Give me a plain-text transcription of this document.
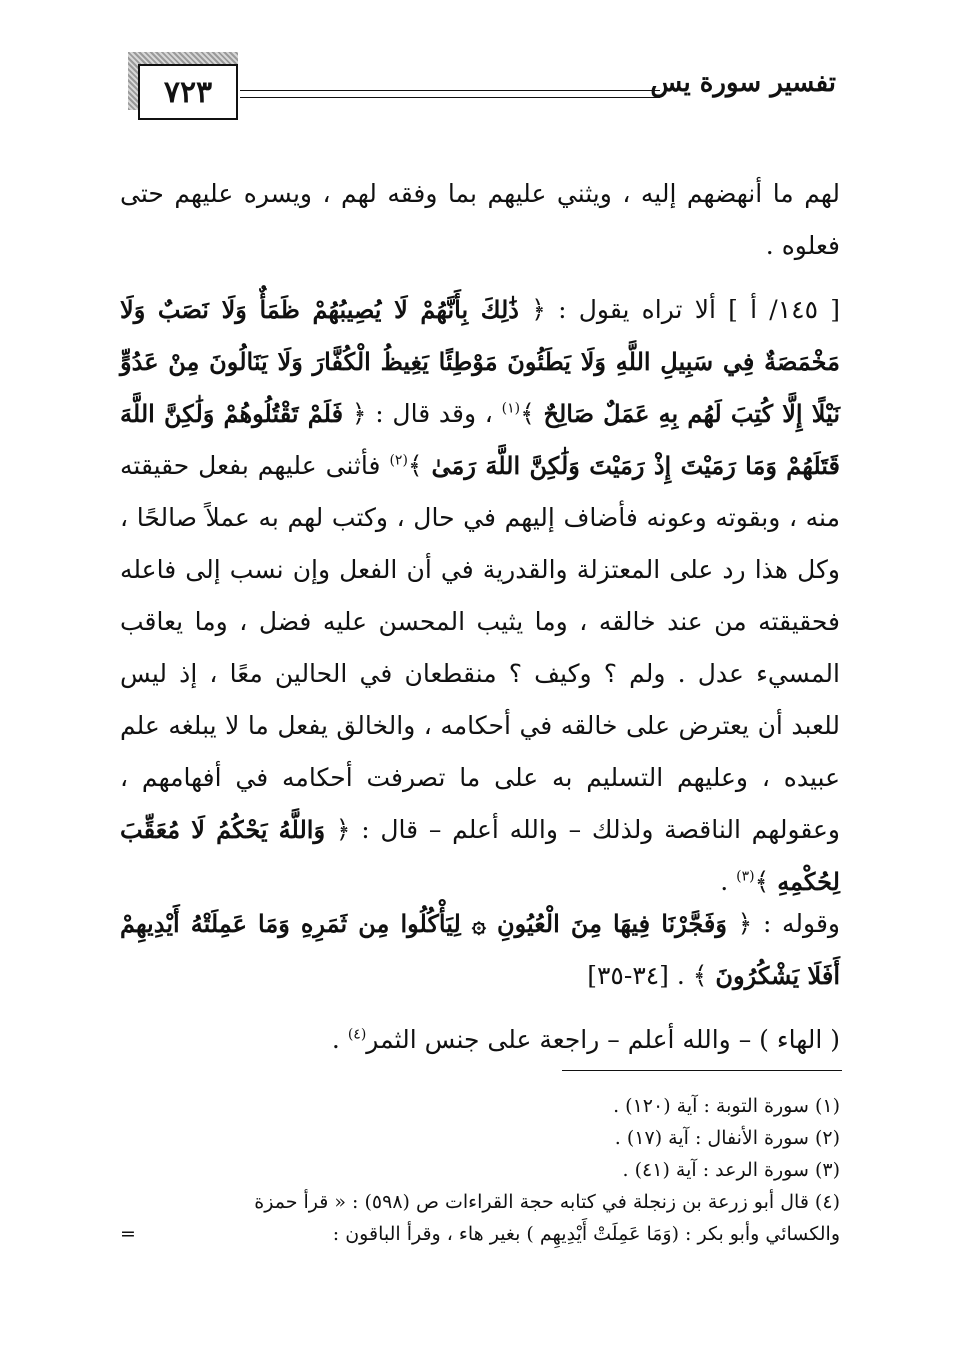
٧٢٣	تفسير سورة يس

لهم ما أنهضهم إليه ، ويثني عليهم بما وفقه لهم ، ويسره عليهم حتى فعلوه .

[ ١٤٥/ أ ] ألا تراه يقول : ﴿ ذَٰلِكَ بِأَنَّهُمْ لَا يُصِيبُهُمْ ظَمَأٌ وَلَا نَصَبٌ وَلَا مَخْمَصَةٌ فِي سَبِيلِ اللَّهِ وَلَا يَطَئُونَ مَوْطِئًا يَغِيظُ الْكُفَّارَ وَلَا يَنَالُونَ مِنْ عَدُوٍّ نَيْلًا إِلَّا كُتِبَ لَهُم بِهِ عَمَلٌ صَالِحٌ ﴾$^{(١)}$ ، وقد قال : ﴿ فَلَمْ تَقْتُلُوهُمْ وَلَٰكِنَّ اللَّهَ قَتَلَهُمْ وَمَا رَمَيْتَ إِذْ رَمَيْتَ وَلَٰكِنَّ اللَّهَ رَمَىٰ ﴾$^{(٢)}$ فأثنى عليهم بفعل حقيقته منه ، وبقوته وعونه فأضاف إليهم في حال ، وكتب لهم به عملاً صالحًا ، وكل هذا رد على المعتزلة والقدرية في أن الفعل وإن نسب إلى فاعله فحقيقته من عند خالقه ، وما يثيب المحسن عليه فضل ، وما يعاقب المسيء عدل . ولم ؟ وكيف ؟ منقطعان في الحالين معًا ، إذ ليس للعبد أن يعترض على خالقه في أحكامه ، والخالق يفعل ما لا يبلغه علم عبيده ، وعليهم التسليم به على ما تصرفت أحكامه في أفهامهم ، وعقولهم الناقصة ولذلك – والله أعلم – قال : ﴿ وَاللَّهُ يَحْكُمُ لَا مُعَقِّبَ لِحُكْمِهِ ﴾$^{(٣)}$ .

وقوله : ﴿ وَفَجَّرْنَا فِيهَا مِنَ الْعُيُونِ ۞ لِيَأْكُلُوا مِن ثَمَرِهِ وَمَا عَمِلَتْهُ أَيْدِيهِمْ أَفَلَا يَشْكُرُونَ ﴾ . [٣٤-٣٥]

( الهاء ) – والله أعلم – راجعة على جنس الثمر$^{(٤)}$ .

(١) سورة التوبة : آية (١٢٠) .

(٢) سورة الأنفال : آية (١٧) .

(٣) سورة الرعد : آية (٤١) .

(٤) قال أبو زرعة بن زنجلة في كتابه حجة القراءات ص (٥٩٨) : « قرأ حمزة

والكسائي وأبو بكر : (وَمَا عَمِلَتْ أَيْدِيهِم ) بغير هاء ، وقرأ الباقون :
=
